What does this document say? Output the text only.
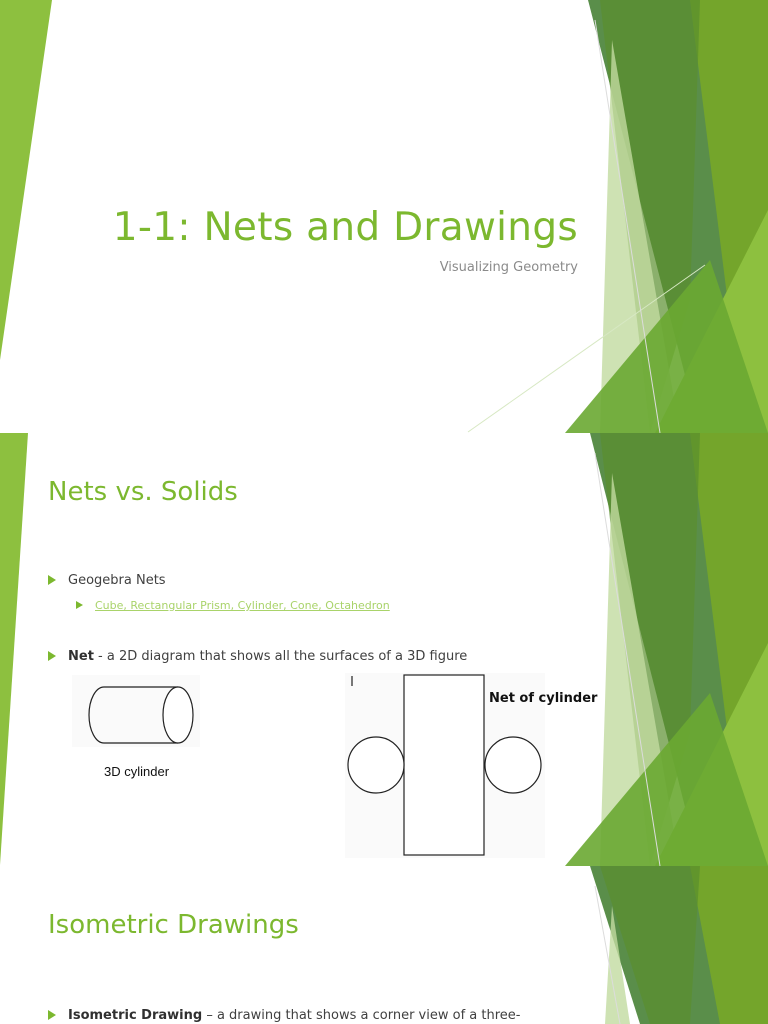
1-1: Nets and Drawings

Visualizing Geometry

Nets vs. Solids
Geogebra Nets
Cube, Rectangular Prism, Cylinder, Cone, Octahedron
Net - a 2D diagram that shows all the surfaces of a 3D figure
3D cylinder
Net of cylinder
Isometric Drawings
Isometric Drawing – a drawing that shows a corner view of a three-
